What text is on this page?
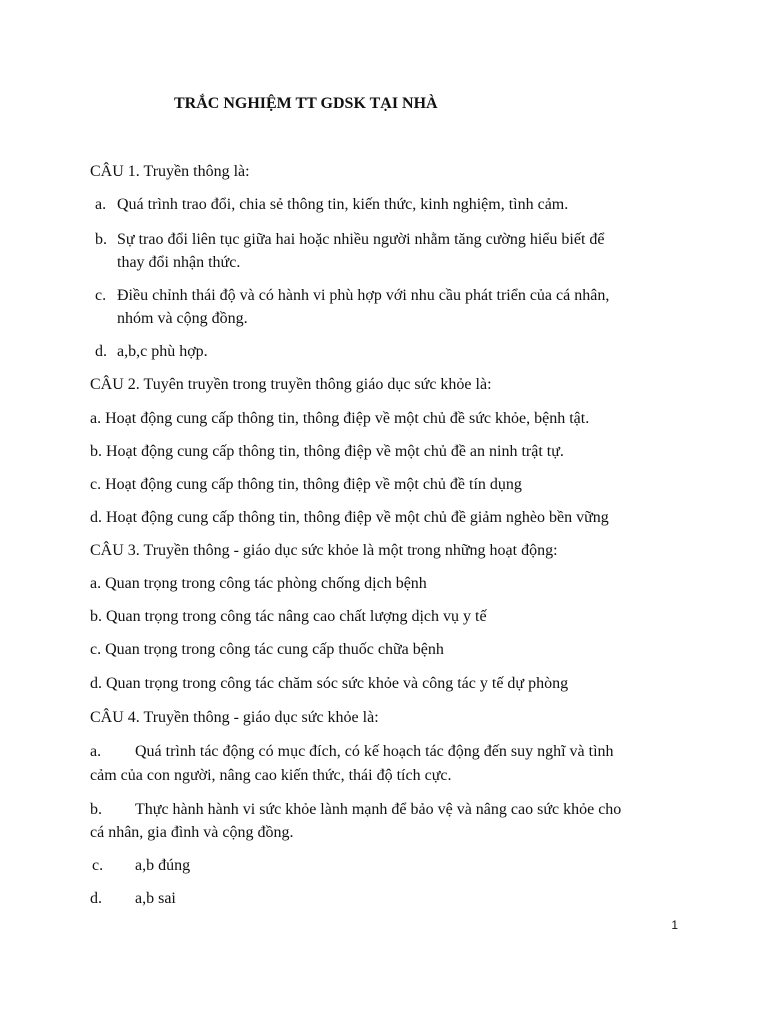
TRẮC NGHIỆM TT GDSK TẠI NHÀ
CÂU 1. Truyền thông là:
a. Quá trình trao đổi, chia sẻ thông tin, kiến thức, kinh nghiệm, tình cảm.
b. Sự trao đổi liên tục giữa hai hoặc nhiều người nhằm tăng cường hiểu biết để
thay đổi nhận thức.
c. Điều chỉnh thái độ và có hành vi phù hợp với nhu cầu phát triển của cá nhân,
nhóm và cộng đồng.
d. a,b,c phù hợp.
CÂU 2. Tuyên truyền trong truyền thông giáo dục sức khỏe là:
a. Hoạt động cung cấp thông tin, thông điệp về một chủ đề sức khỏe, bệnh tật.
b. Hoạt động cung cấp thông tin, thông điệp về một chủ đề an ninh trật tự.
c. Hoạt động cung cấp thông tin, thông điệp về một chủ đề tín dụng
d. Hoạt động cung cấp thông tin, thông điệp về một chủ đề giảm nghèo bền vững
CÂU 3. Truyền thông - giáo dục sức khỏe là một trong những hoạt động:
a. Quan trọng trong công tác phòng chống dịch bệnh
b. Quan trọng trong công tác nâng cao chất lượng dịch vụ y tế
c. Quan trọng trong công tác cung cấp thuốc chữa bệnh
d. Quan trọng trong công tác chăm sóc sức khỏe và công tác y tế dự phòng
CÂU 4. Truyền thông - giáo dục sức khỏe là:
a. Quá trình tác động có mục đích, có kế hoạch tác động đến suy nghĩ và tình
cảm của con người, nâng cao kiến thức, thái độ tích cực.
b. Thực hành hành vi sức khỏe lành mạnh để bảo vệ và nâng cao sức khỏe cho
cá nhân, gia đình và cộng đồng.
c. a,b đúng
d. a,b sai
1
